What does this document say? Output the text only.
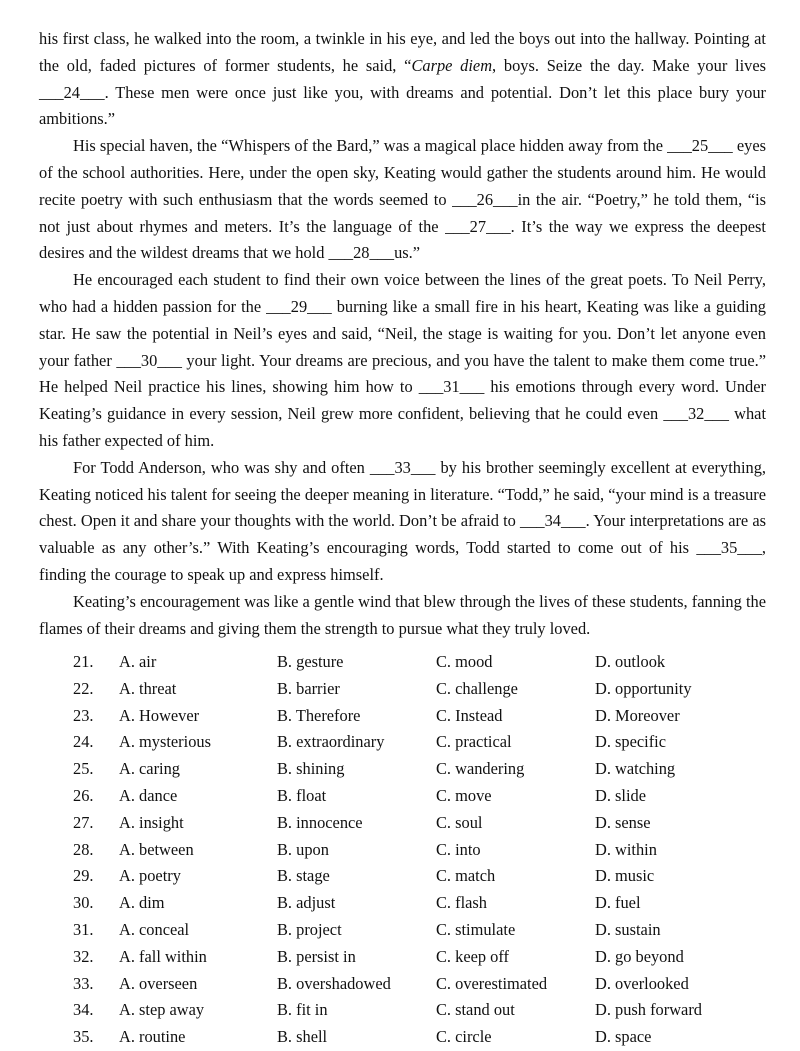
his first class, he walked into the room, a twinkle in his eye, and led the boys out into the hallway. Pointing at the old, faded pictures of former students, he said, “Carpe diem, boys. Seize the day. Make your lives ___24___. These men were once just like you, with dreams and potential. Don’t let this place bury your ambitions.”

His special haven, the “Whispers of the Bard,” was a magical place hidden away from the ___25___ eyes of the school authorities. Here, under the open sky, Keating would gather the students around him. He would recite poetry with such enthusiasm that the words seemed to ___26___in the air. “Poetry,” he told them, “is not just about rhymes and meters. It’s the language of the ___27___. It’s the way we express the deepest desires and the wildest dreams that we hold ___28___us.”

He encouraged each student to find their own voice between the lines of the great poets. To Neil Perry, who had a hidden passion for the ___29___ burning like a small fire in his heart, Keating was like a guiding star. He saw the potential in Neil’s eyes and said, “Neil, the stage is waiting for you. Don’t let anyone even your father ___30___ your light. Your dreams are precious, and you have the talent to make them come true.” He helped Neil practice his lines, showing him how to ___31___ his emotions through every word. Under Keating’s guidance in every session, Neil grew more confident, believing that he could even ___32___ what his father expected of him.

For Todd Anderson, who was shy and often ___33___ by his brother seemingly excellent at everything, Keating noticed his talent for seeing the deeper meaning in literature. “Todd,” he said, “your mind is a treasure chest. Open it and share your thoughts with the world. Don’t be afraid to ___34___. Your interpretations are as valuable as any other’s.” With Keating’s encouraging words, Todd started to come out of his ___35___, finding the courage to speak up and express himself.

Keating’s encouragement was like a gentle wind that blew through the lives of these students, fanning the flames of their dreams and giving them the strength to pursue what they truly loved.

21. A. air	B. gesture	C. mood	D. outlook
22. A. threat	B. barrier	C. challenge	D. opportunity
23. A. However	B. Therefore	C. Instead	D. Moreover
24. A. mysterious	B. extraordinary	C. practical	D. specific
25. A. caring	B. shining	C. wandering	D. watching
26. A. dance	B. float	C. move	D. slide
27. A. insight	B. innocence	C. soul	D. sense
28. A. between	B. upon	C. into	D. within
29. A. poetry	B. stage	C. match	D. music
30. A. dim	B. adjust	C. flash	D. fuel
31. A. conceal	B. project	C. stimulate	D. sustain
32. A. fall within	B. persist in	C. keep off	D. go beyond
33. A. overseen	B. overshadowed	C. overestimated	D. overlooked
34. A. step away	B. fit in	C. stand out	D. push forward
35. A. routine	B. shell	C. circle	D. space
